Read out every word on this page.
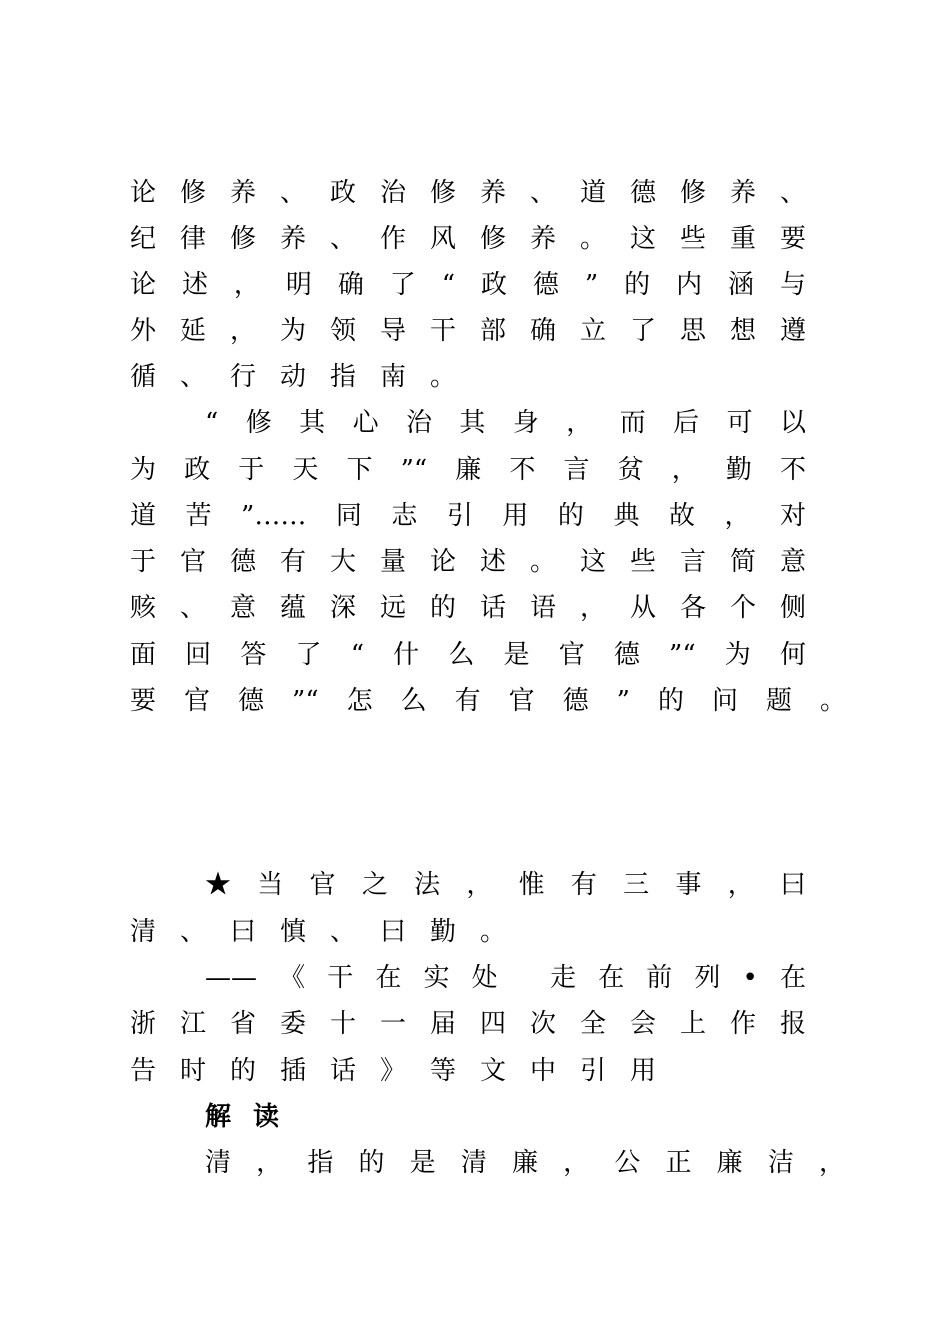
论修养、政治修养、道德修养、
纪律修养、作风修养。这些重要
论述，明确了“政德”的内涵与
外延，为领导干部确立了思想遵
循、行动指南。
“修其心治其身，而后可以
为政于天下”“廉不言贫，勤不
道苦”……同志引用的典故，对
于官德有大量论述。这些言简意
赅、意蕴深远的话语，从各个侧
面回答了“什么是官德”“为何
要官德”“怎么有官德”的问题。
★当官之法，惟有三事，曰
清、曰慎、曰勤。
——《干在实处 走在前列•在
浙江省委十一届四次全会上作报
告时的插话》等文中引用
解读
清，指的是清廉，公正廉洁，
